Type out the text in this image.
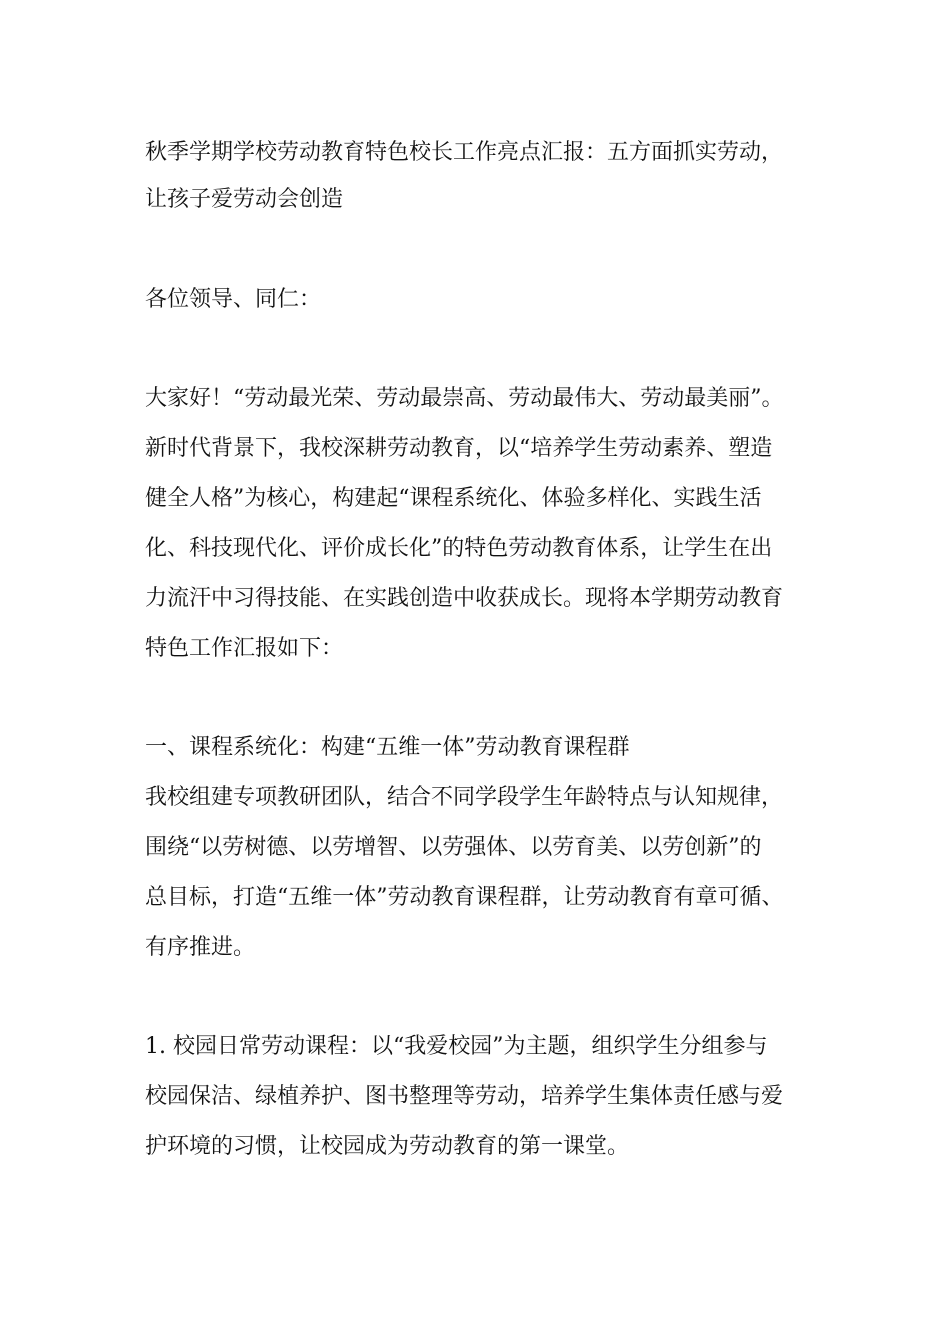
秋季学期学校劳动教育特色校长工作亮点汇报：五方面抓实劳动，

让孩子爱劳动会创造

各位领导、同仁：

大家好！“劳动最光荣、劳动最崇高、劳动最伟大、劳动最美丽”。

新时代背景下，我校深耕劳动教育，以“培养学生劳动素养、塑造

健全人格”为核心，构建起“课程系统化、体验多样化、实践生活

化、科技现代化、评价成长化”的特色劳动教育体系，让学生在出

力流汗中习得技能、在实践创造中收获成长。现将本学期劳动教育

特色工作汇报如下：

一、课程系统化：构建“五维一体”劳动教育课程群

我校组建专项教研团队，结合不同学段学生年龄特点与认知规律，

围绕“以劳树德、以劳增智、以劳强体、以劳育美、以劳创新”的

总目标，打造“五维一体”劳动教育课程群，让劳动教育有章可循、

有序推进。

1. 校园日常劳动课程：以“我爱校园”为主题，组织学生分组参与

校园保洁、绿植养护、图书整理等劳动，培养学生集体责任感与爱

护环境的习惯，让校园成为劳动教育的第一课堂。
